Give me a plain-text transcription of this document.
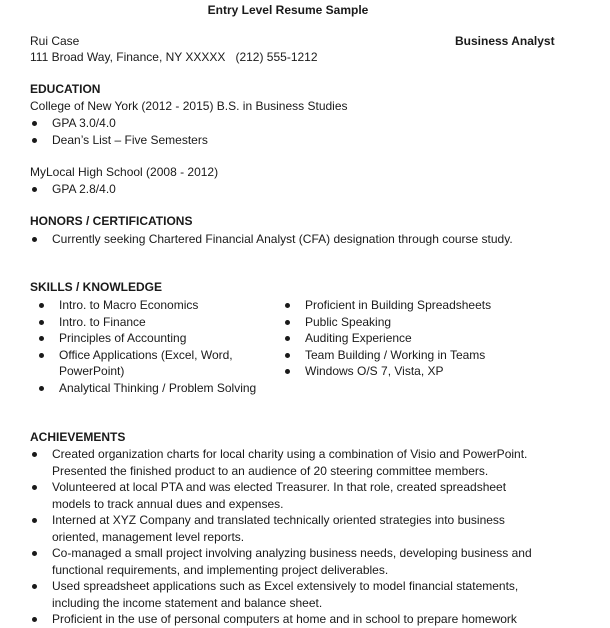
Entry Level Resume Sample
Rui Case	Business Analyst
111 Broad Way, Finance, NY XXXXX (212) 555-1212
EDUCATION
College of New York (2012 - 2015) B.S. in Business Studies
GPA 3.0/4.0
Dean’s List – Five Semesters
MyLocal High School (2008 - 2012)
GPA 2.8/4.0
HONORS / CERTIFICATIONS
Currently seeking Chartered Financial Analyst (CFA) designation through course study.
SKILLS / KNOWLEDGE
Intro. to Macro Economics
Intro. to Finance
Principles of Accounting
Office Applications (Excel, Word,
PowerPoint)
Analytical Thinking / Problem Solving
Proficient in Building Spreadsheets
Public Speaking
Auditing Experience
Team Building / Working in Teams
Windows O/S 7, Vista, XP
ACHIEVEMENTS
Created organization charts for local charity using a combination of Visio and PowerPoint.
Presented the finished product to an audience of 20 steering committee members.
Volunteered at local PTA and was elected Treasurer. In that role, created spreadsheet
models to track annual dues and expenses.
Interned at XYZ Company and translated technically oriented strategies into business
oriented, management level reports.
Co-managed a small project involving analyzing business needs, developing business and
functional requirements, and implementing project deliverables.
Used spreadsheet applications such as Excel extensively to model financial statements,
including the income statement and balance sheet.
Proficient in the use of personal computers at home and in school to prepare homework
